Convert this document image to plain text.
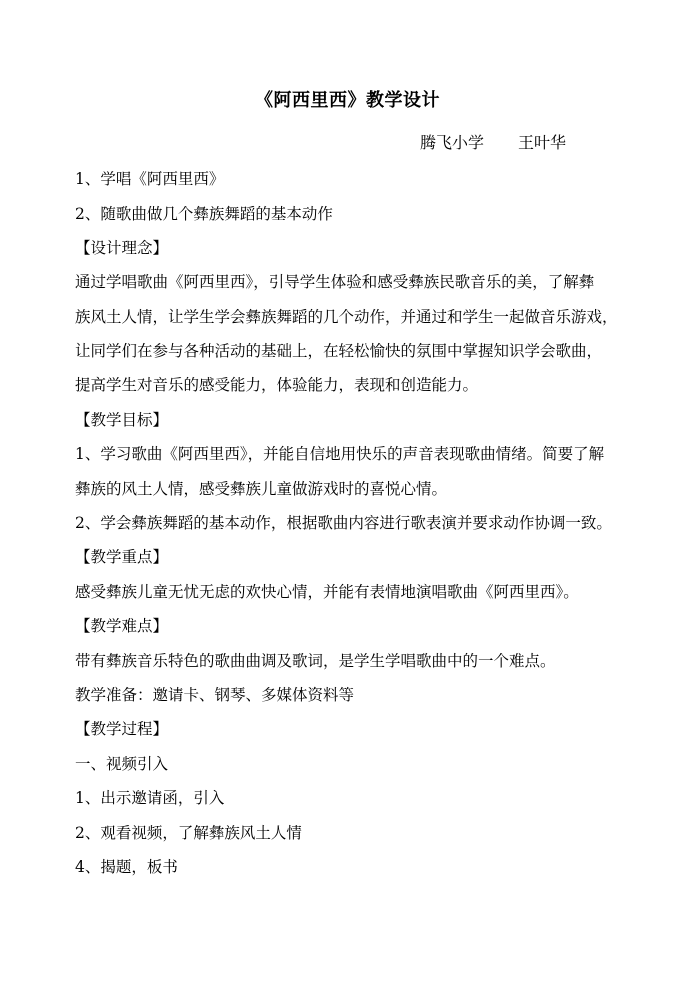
《阿西里西》教学设计
腾飞小学 王叶华
1、学唱《阿西里西》
2、随歌曲做几个彝族舞蹈的基本动作
【设计理念】
通过学唱歌曲《阿西里西》，引导学生体验和感受彝族民歌音乐的美，了解彝
族风土人情，让学生学会彝族舞蹈的几个动作，并通过和学生一起做音乐游戏，
让同学们在参与各种活动的基础上，在轻松愉快的氛围中掌握知识学会歌曲，
提高学生对音乐的感受能力，体验能力，表现和创造能力。
【教学目标】
1、学习歌曲《阿西里西》，并能自信地用快乐的声音表现歌曲情绪。简要了解
彝族的风土人情，感受彝族儿童做游戏时的喜悦心情。
2、学会彝族舞蹈的基本动作，根据歌曲内容进行歌表演并要求动作协调一致。
【教学重点】
感受彝族儿童无忧无虑的欢快心情，并能有表情地演唱歌曲《阿西里西》。
【教学难点】
带有彝族音乐特色的歌曲曲调及歌词，是学生学唱歌曲中的一个难点。
教学准备：邀请卡、钢琴、多媒体资料等
【教学过程】
一、视频引入
1、出示邀请函，引入
2、观看视频，了解彝族风土人情
4、揭题，板书
